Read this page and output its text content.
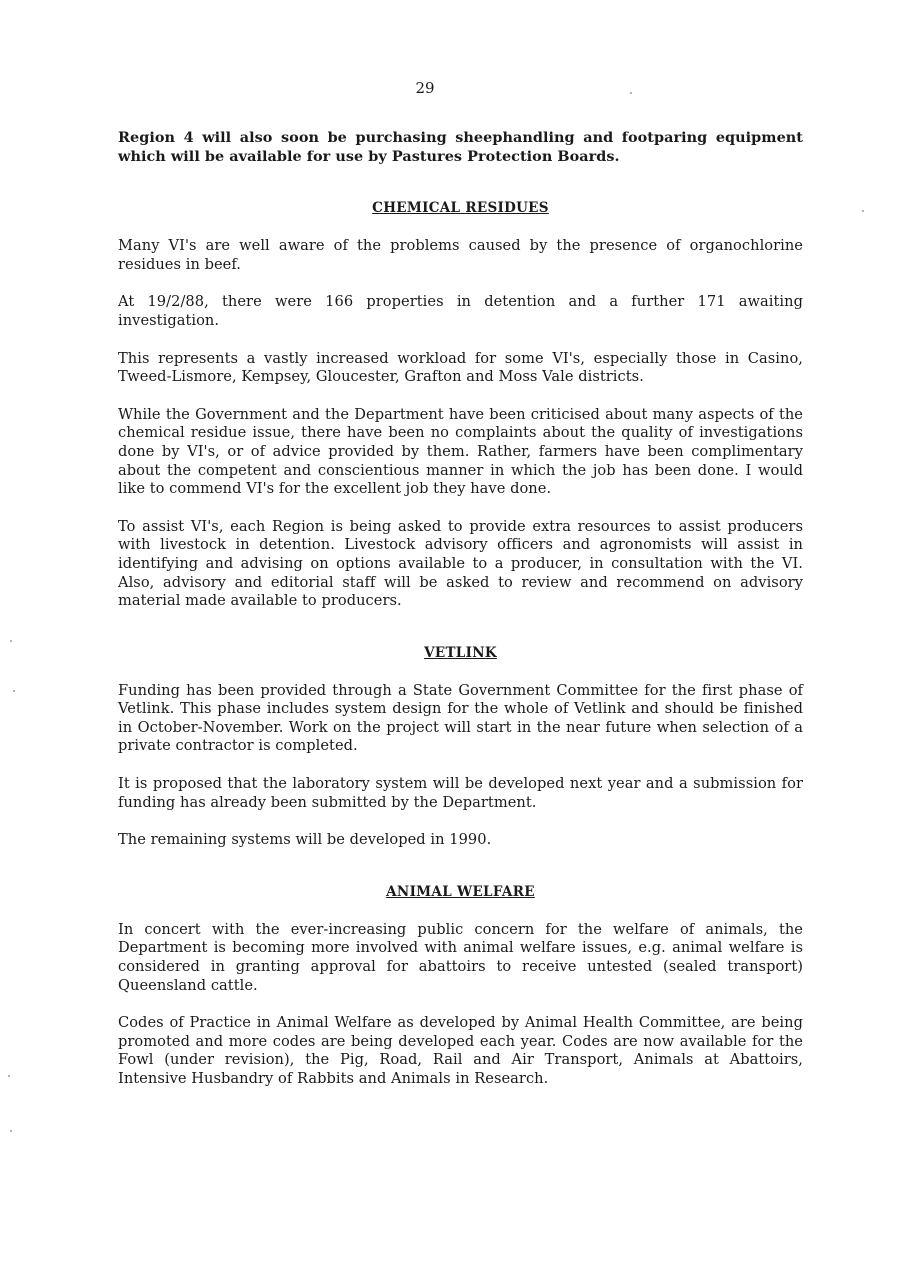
29

Region 4 will also soon be purchasing sheephandling and footparing equipment which will be available for use by Pastures Protection Boards.

CHEMICAL RESIDUES

Many VI's are well aware of the problems caused by the presence of organochlorine residues in beef.

At 19/2/88, there were 166 properties in detention and a further 171 awaiting investigation.

This represents a vastly increased workload for some VI's, especially those in Casino, Tweed-Lismore, Kempsey, Gloucester, Grafton and Moss Vale districts.

While the Government and the Department have been criticised about many aspects of the chemical residue issue, there have been no complaints about the quality of investigations done by VI's, or of advice provided by them. Rather, farmers have been complimentary about the competent and conscientious manner in which the job has been done. I would like to commend VI's for the excellent job they have done.

To assist VI's, each Region is being asked to provide extra resources to assist producers with livestock in detention. Livestock advisory officers and agronomists will assist in identifying and advising on options available to a producer, in consultation with the VI. Also, advisory and editorial staff will be asked to review and recommend on advisory material made available to producers.

VETLINK

Funding has been provided through a State Government Committee for the first phase of Vetlink. This phase includes system design for the whole of Vetlink and should be finished in October-November. Work on the project will start in the near future when selection of a private contractor is completed.

It is proposed that the laboratory system will be developed next year and a submission for funding has already been submitted by the Department.

The remaining systems will be developed in 1990.

ANIMAL WELFARE

In concert with the ever-increasing public concern for the welfare of animals, the Department is becoming more involved with animal welfare issues, e.g. animal welfare is considered in granting approval for abattoirs to receive untested (sealed transport) Queensland cattle.

Codes of Practice in Animal Welfare as developed by Animal Health Committee, are being promoted and more codes are being developed each year. Codes are now available for the Fowl (under revision), the Pig, Road, Rail and Air Transport, Animals at Abattoirs, Intensive Husbandry of Rabbits and Animals in Research.
